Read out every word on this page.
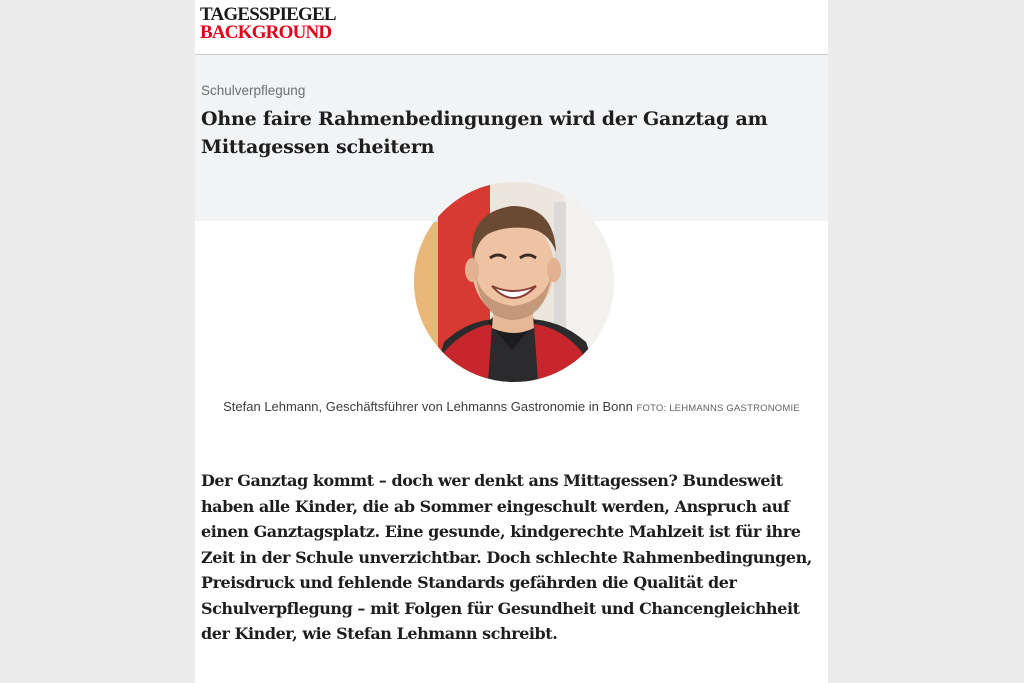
TAGESSPIEGEL
BACKGROUND
Schulverpflegung
Ohne faire Rahmenbedingungen wird der Ganztag am Mittagessen scheitern
Stefan Lehmann, Geschäftsführer von Lehmanns Gastronomie in Bonn FOTO: LEHMANNS GASTRONOMIE

Der Ganztag kommt – doch wer denkt ans Mittagessen? Bundesweit haben alle Kinder, die ab Sommer eingeschult werden, Anspruch auf einen Ganztagsplatz. Eine gesunde, kindgerechte Mahlzeit ist für ihre Zeit in der Schule unverzichtbar. Doch schlechte Rahmenbedingungen, Preisdruck und fehlende Standards gefährden die Qualität der Schulverpflegung – mit Folgen für Gesundheit und Chancengleichheit der Kinder, wie Stefan Lehmann schreibt.
